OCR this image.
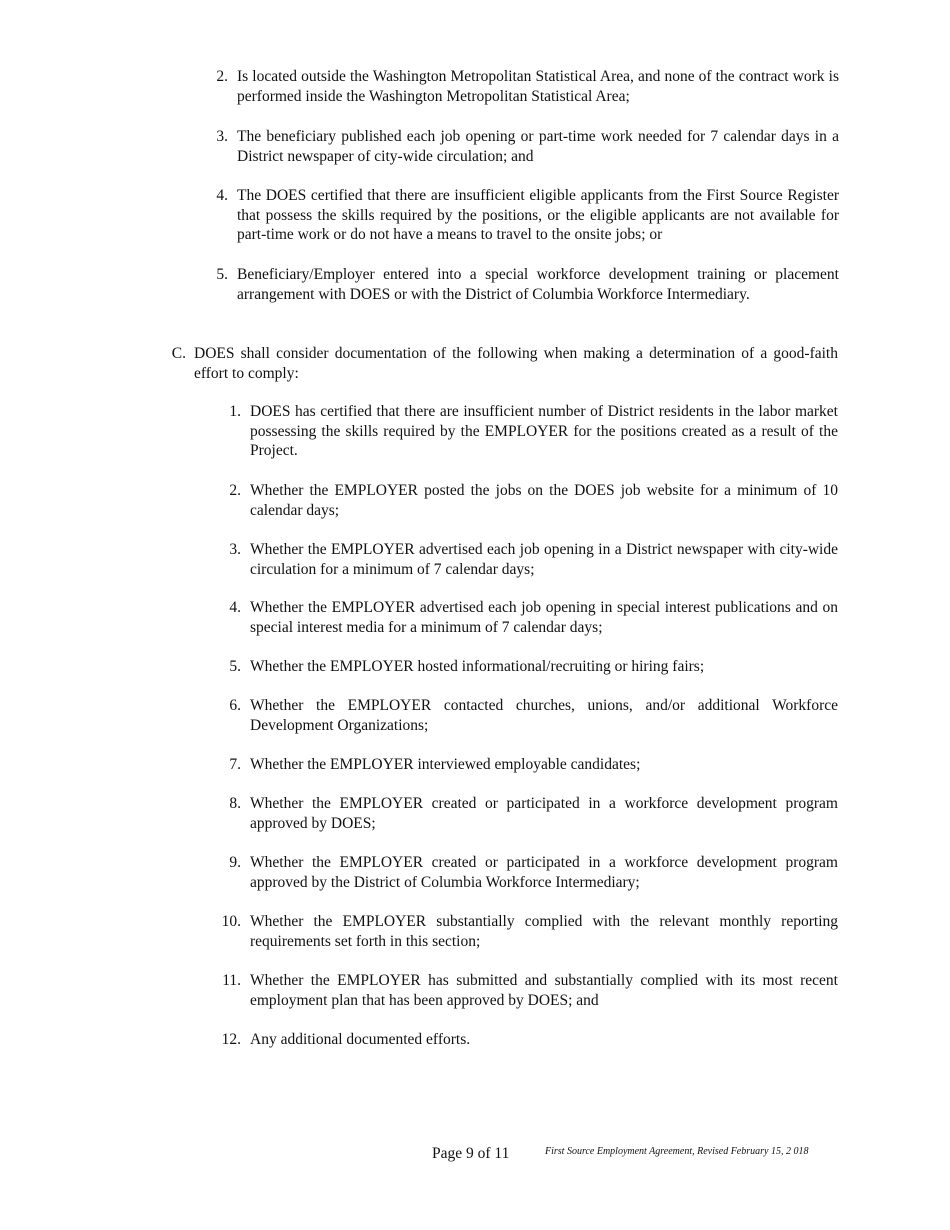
2. Is located outside the Washington Metropolitan Statistical Area, and none of the contract work is performed inside the Washington Metropolitan Statistical Area;
3. The beneficiary published each job opening or part-time work needed for 7 calendar days in a District newspaper of city-wide circulation; and
4. The DOES certified that there are insufficient eligible applicants from the First Source Register that possess the skills required by the positions, or the eligible applicants are not available for part-time work or do not have a means to travel to the onsite jobs; or
5. Beneficiary/Employer entered into a special workforce development training or placement arrangement with DOES or with the District of Columbia Workforce Intermediary.
C. DOES shall consider documentation of the following when making a determination of a good-faith effort to comply:
1. DOES has certified that there are insufficient number of District residents in the labor market possessing the skills required by the EMPLOYER for the positions created as a result of the Project.
2. Whether the EMPLOYER posted the jobs on the DOES job website for a minimum of 10 calendar days;
3. Whether the EMPLOYER advertised each job opening in a District newspaper with city-wide circulation for a minimum of 7 calendar days;
4. Whether the EMPLOYER advertised each job opening in special interest publications and on special interest media for a minimum of 7 calendar days;
5. Whether the EMPLOYER hosted informational/recruiting or hiring fairs;
6. Whether the EMPLOYER contacted churches, unions, and/or additional Workforce Development Organizations;
7. Whether the EMPLOYER interviewed employable candidates;
8. Whether the EMPLOYER created or participated in a workforce development program approved by DOES;
9. Whether the EMPLOYER created or participated in a workforce development program approved by the District of Columbia Workforce Intermediary;
10. Whether the EMPLOYER substantially complied with the relevant monthly reporting requirements set forth in this section;
11. Whether the EMPLOYER has submitted and substantially complied with its most recent employment plan that has been approved by DOES; and
12. Any additional documented efforts.
Page 9 of 11	First Source Employment Agreement, Revised February 15, 2 018
